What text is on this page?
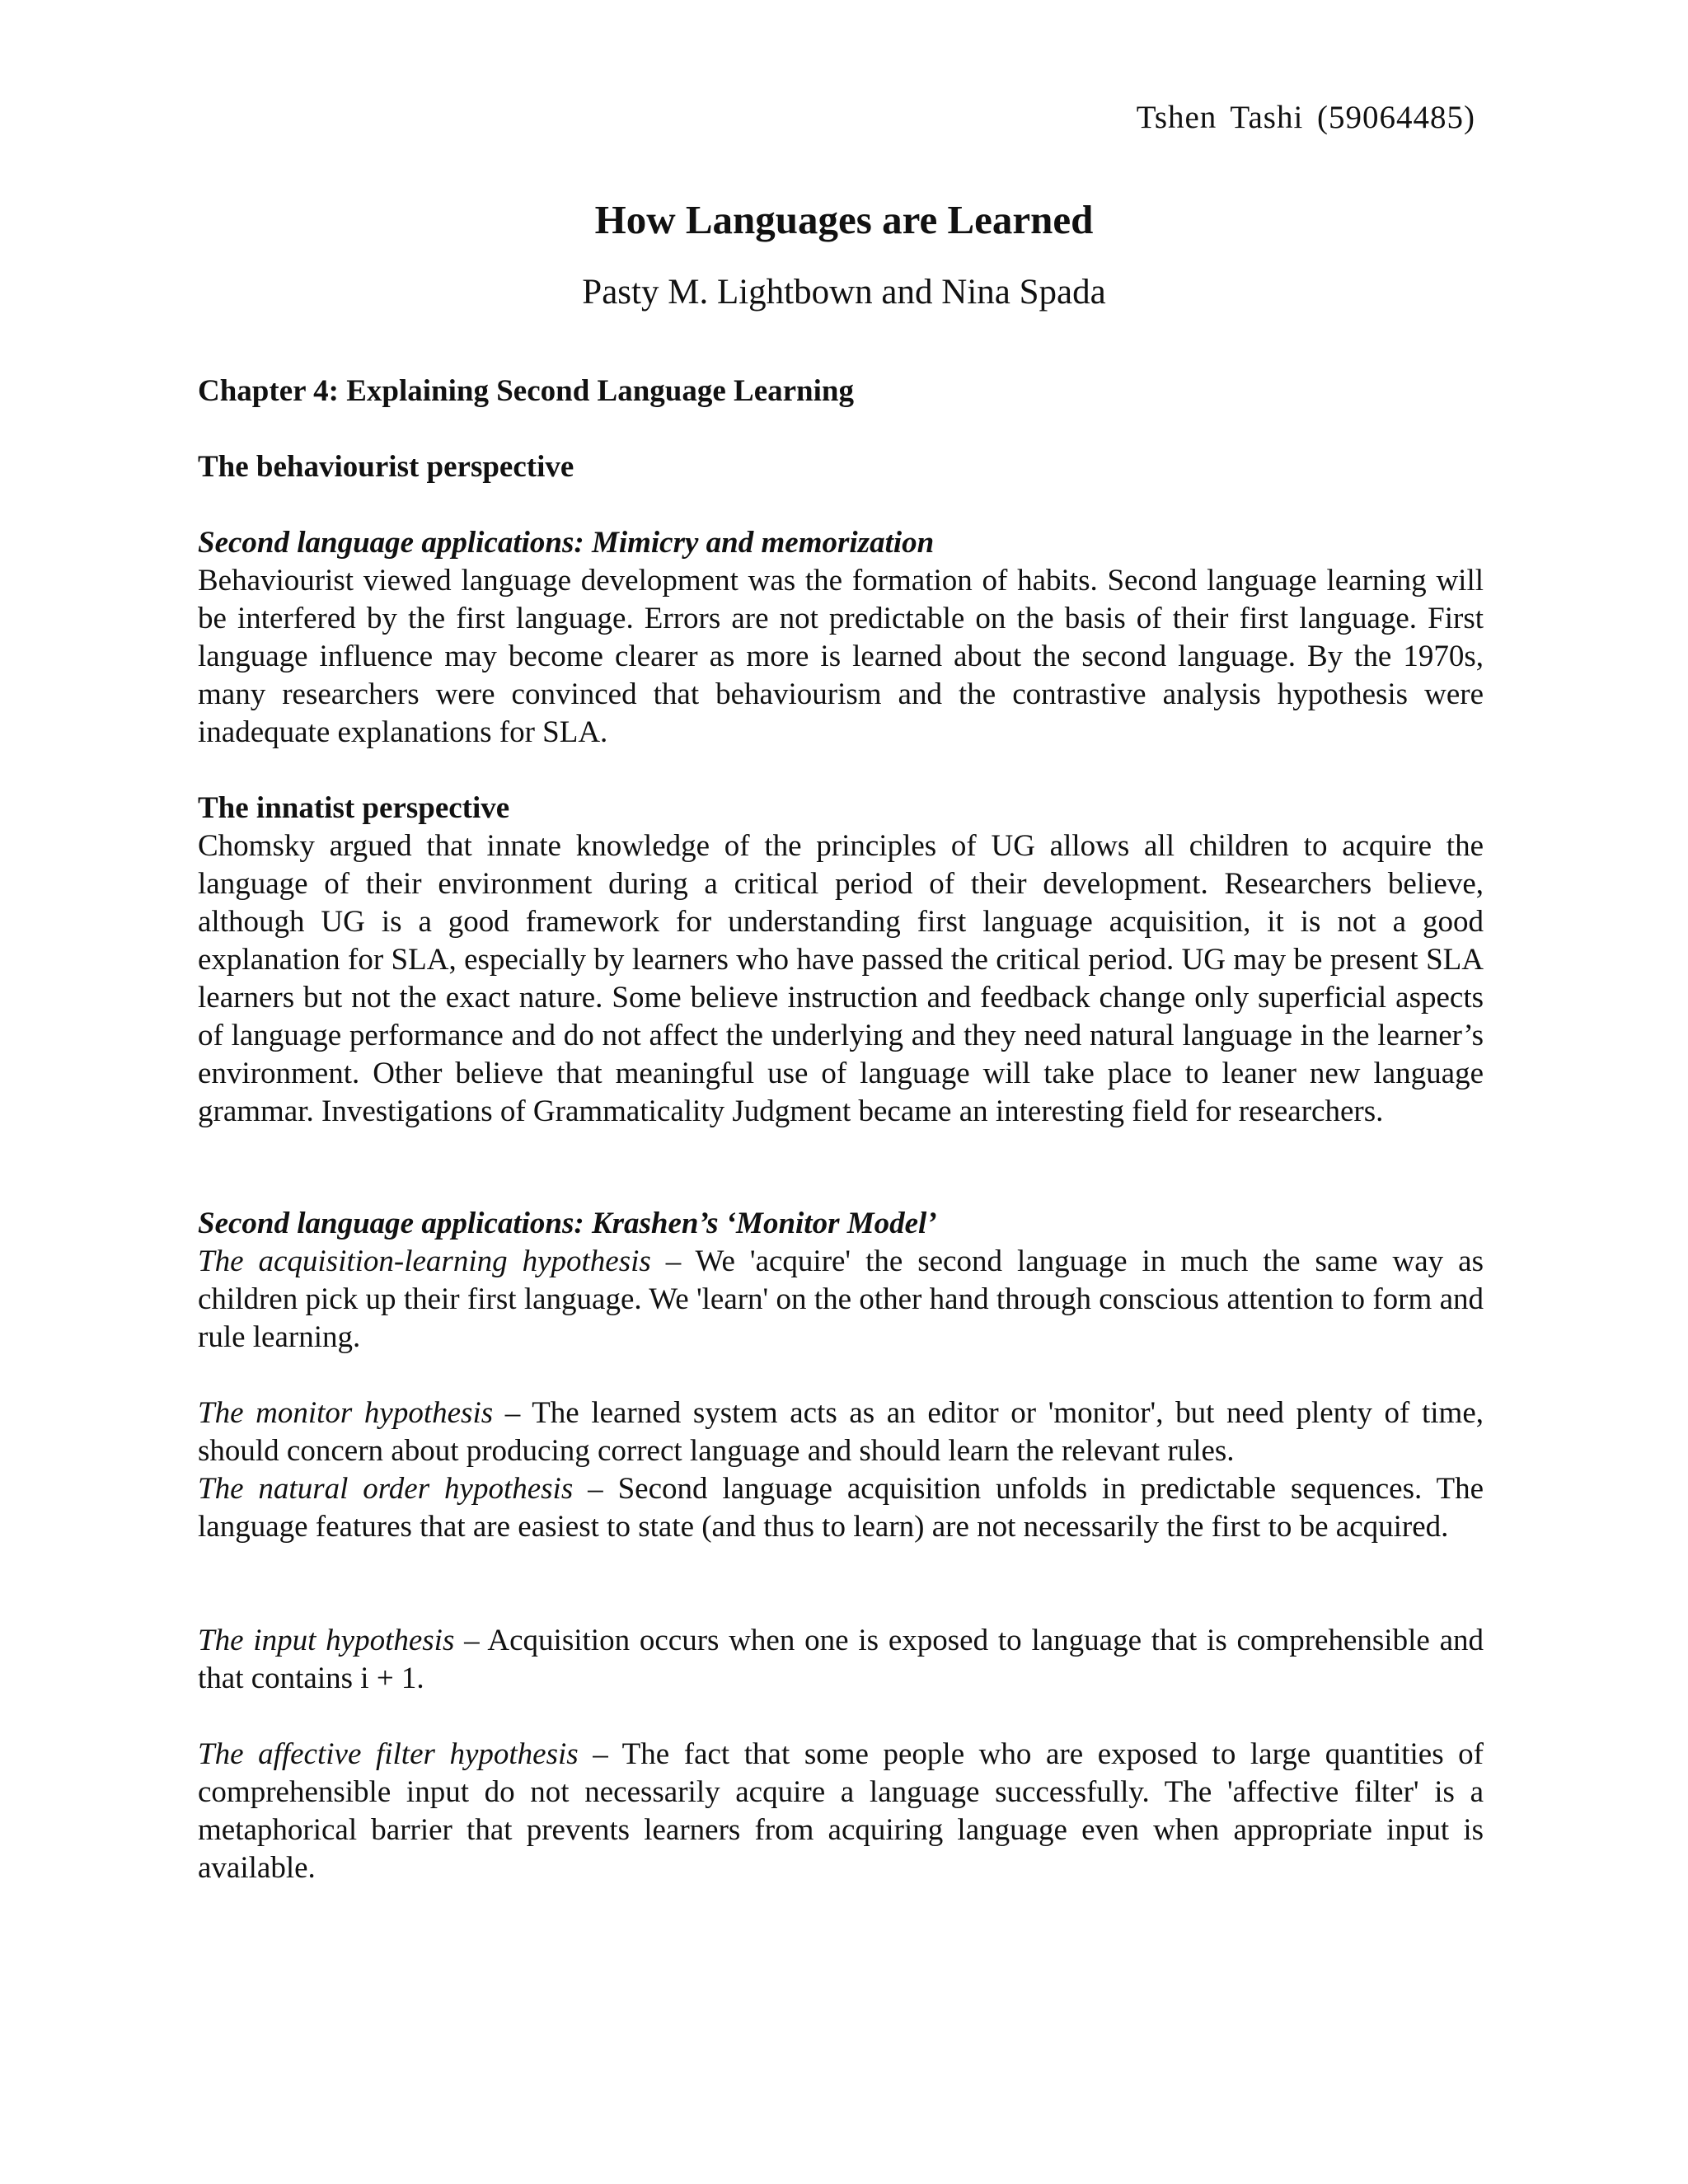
Tshen Tashi (59064485)
How Languages are Learned
Pasty M. Lightbown and Nina Spada
Chapter 4: Explaining Second Language Learning
The behaviourist perspective

Second language applications: Mimicry and memorization

Behaviourist viewed language development was the formation of habits. Second language learning will be interfered by the first language. Errors are not predictable on the basis of their first language. First language influence may become clearer as more is learned about the second language. By the 1970s, many researchers were convinced that behaviourism and the contrastive analysis hypothesis were inadequate explanations for SLA.

The innatist perspective

Chomsky argued that innate knowledge of the principles of UG allows all children to acquire the language of their environment during a critical period of their development. Researchers believe, although UG is a good framework for understanding first language acquisition, it is not a good explanation for SLA, especially by learners who have passed the critical period. UG may be present SLA learners but not the exact nature. Some believe instruction and feedback change only superficial aspects of language performance and do not affect the underlying and they need natural language in the learner’s environment. Other believe that meaningful use of language will take place to leaner new language grammar. Investigations of Grammaticality Judgment became an interesting field for researchers.

Second language applications: Krashen’s ‘Monitor Model’

The acquisition-learning hypothesis – We 'acquire' the second language in much the same way as children pick up their first language. We 'learn' on the other hand through conscious attention to form and rule learning.

The monitor hypothesis – The learned system acts as an editor or 'monitor', but need plenty of time, should concern about producing correct language and should learn the relevant rules.

The natural order hypothesis – Second language acquisition unfolds in predictable sequences. The language features that are easiest to state (and thus to learn) are not necessarily the first to be acquired.

The input hypothesis – Acquisition occurs when one is exposed to language that is comprehensible and that contains i + 1.

The affective filter hypothesis – The fact that some people who are exposed to large quantities of comprehensible input do not necessarily acquire a language successfully. The 'affective filter' is a metaphorical barrier that prevents learners from acquiring language even when appropriate input is available.
